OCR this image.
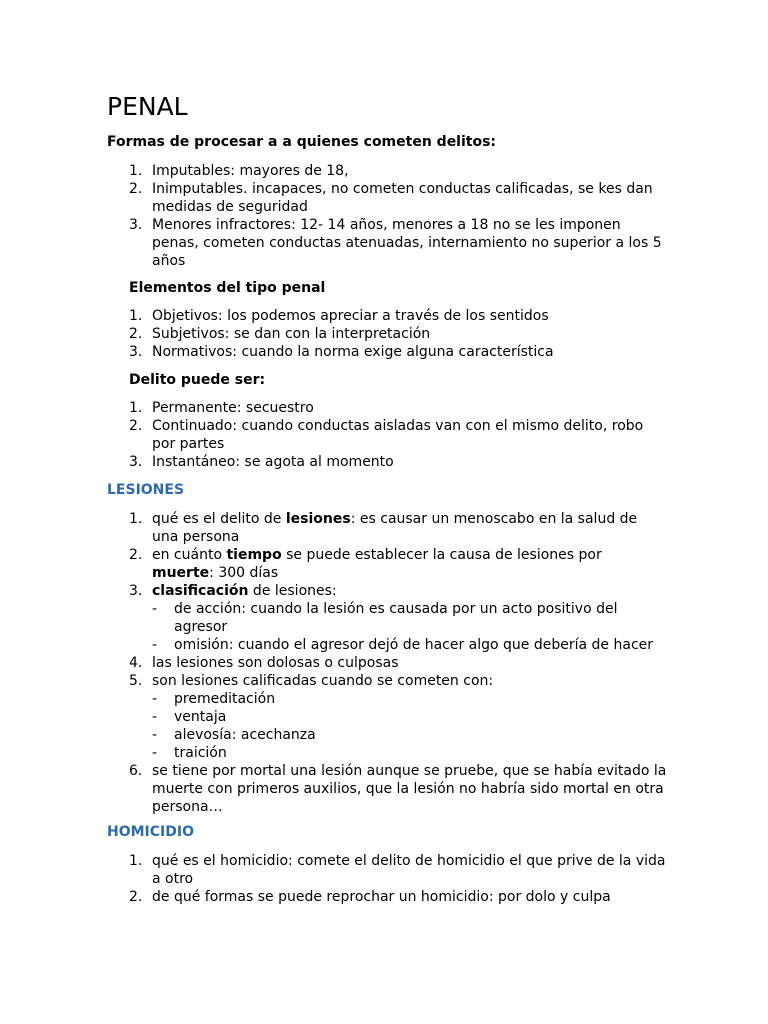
PENAL

Formas de procesar a a quienes cometen delitos:

1. Imputables: mayores de 18,
2. Inimputables. incapaces, no cometen conductas calificadas, se kes dan medidas de seguridad
3. Menores infractores: 12- 14 años, menores a 18 no se les imponen penas, cometen conductas atenuadas, internamiento no superior a los 5 años

Elementos del tipo penal

1. Objetivos: los podemos apreciar a través de los sentidos
2. Subjetivos: se dan con la interpretación
3. Normativos: cuando la norma exige alguna característica

Delito puede ser:

1. Permanente: secuestro
2. Continuado: cuando conductas aisladas van con el mismo delito, robo por partes
3. Instantáneo: se agota al momento

LESIONES

1. qué es el delito de lesiones: es causar un menoscabo en la salud de una persona
2. en cuánto tiempo se puede establecer la causa de lesiones por muerte: 300 días
3. clasificación de lesiones:
- de acción: cuando la lesión es causada por un acto positivo del agresor
- omisión: cuando el agresor dejó de hacer algo que debería de hacer
4. las lesiones son dolosas o culposas
5. son lesiones calificadas cuando se cometen con:
- premeditación
- ventaja
- alevosía: acechanza
- traición
6. se tiene por mortal una lesión aunque se pruebe, que se había evitado la muerte con primeros auxilios, que la lesión no habría sido mortal en otra persona…

HOMICIDIO

1. qué es el homicidio: comete el delito de homicidio el que prive de la vida a otro
2. de qué formas se puede reprochar un homicidio: por dolo y culpa
